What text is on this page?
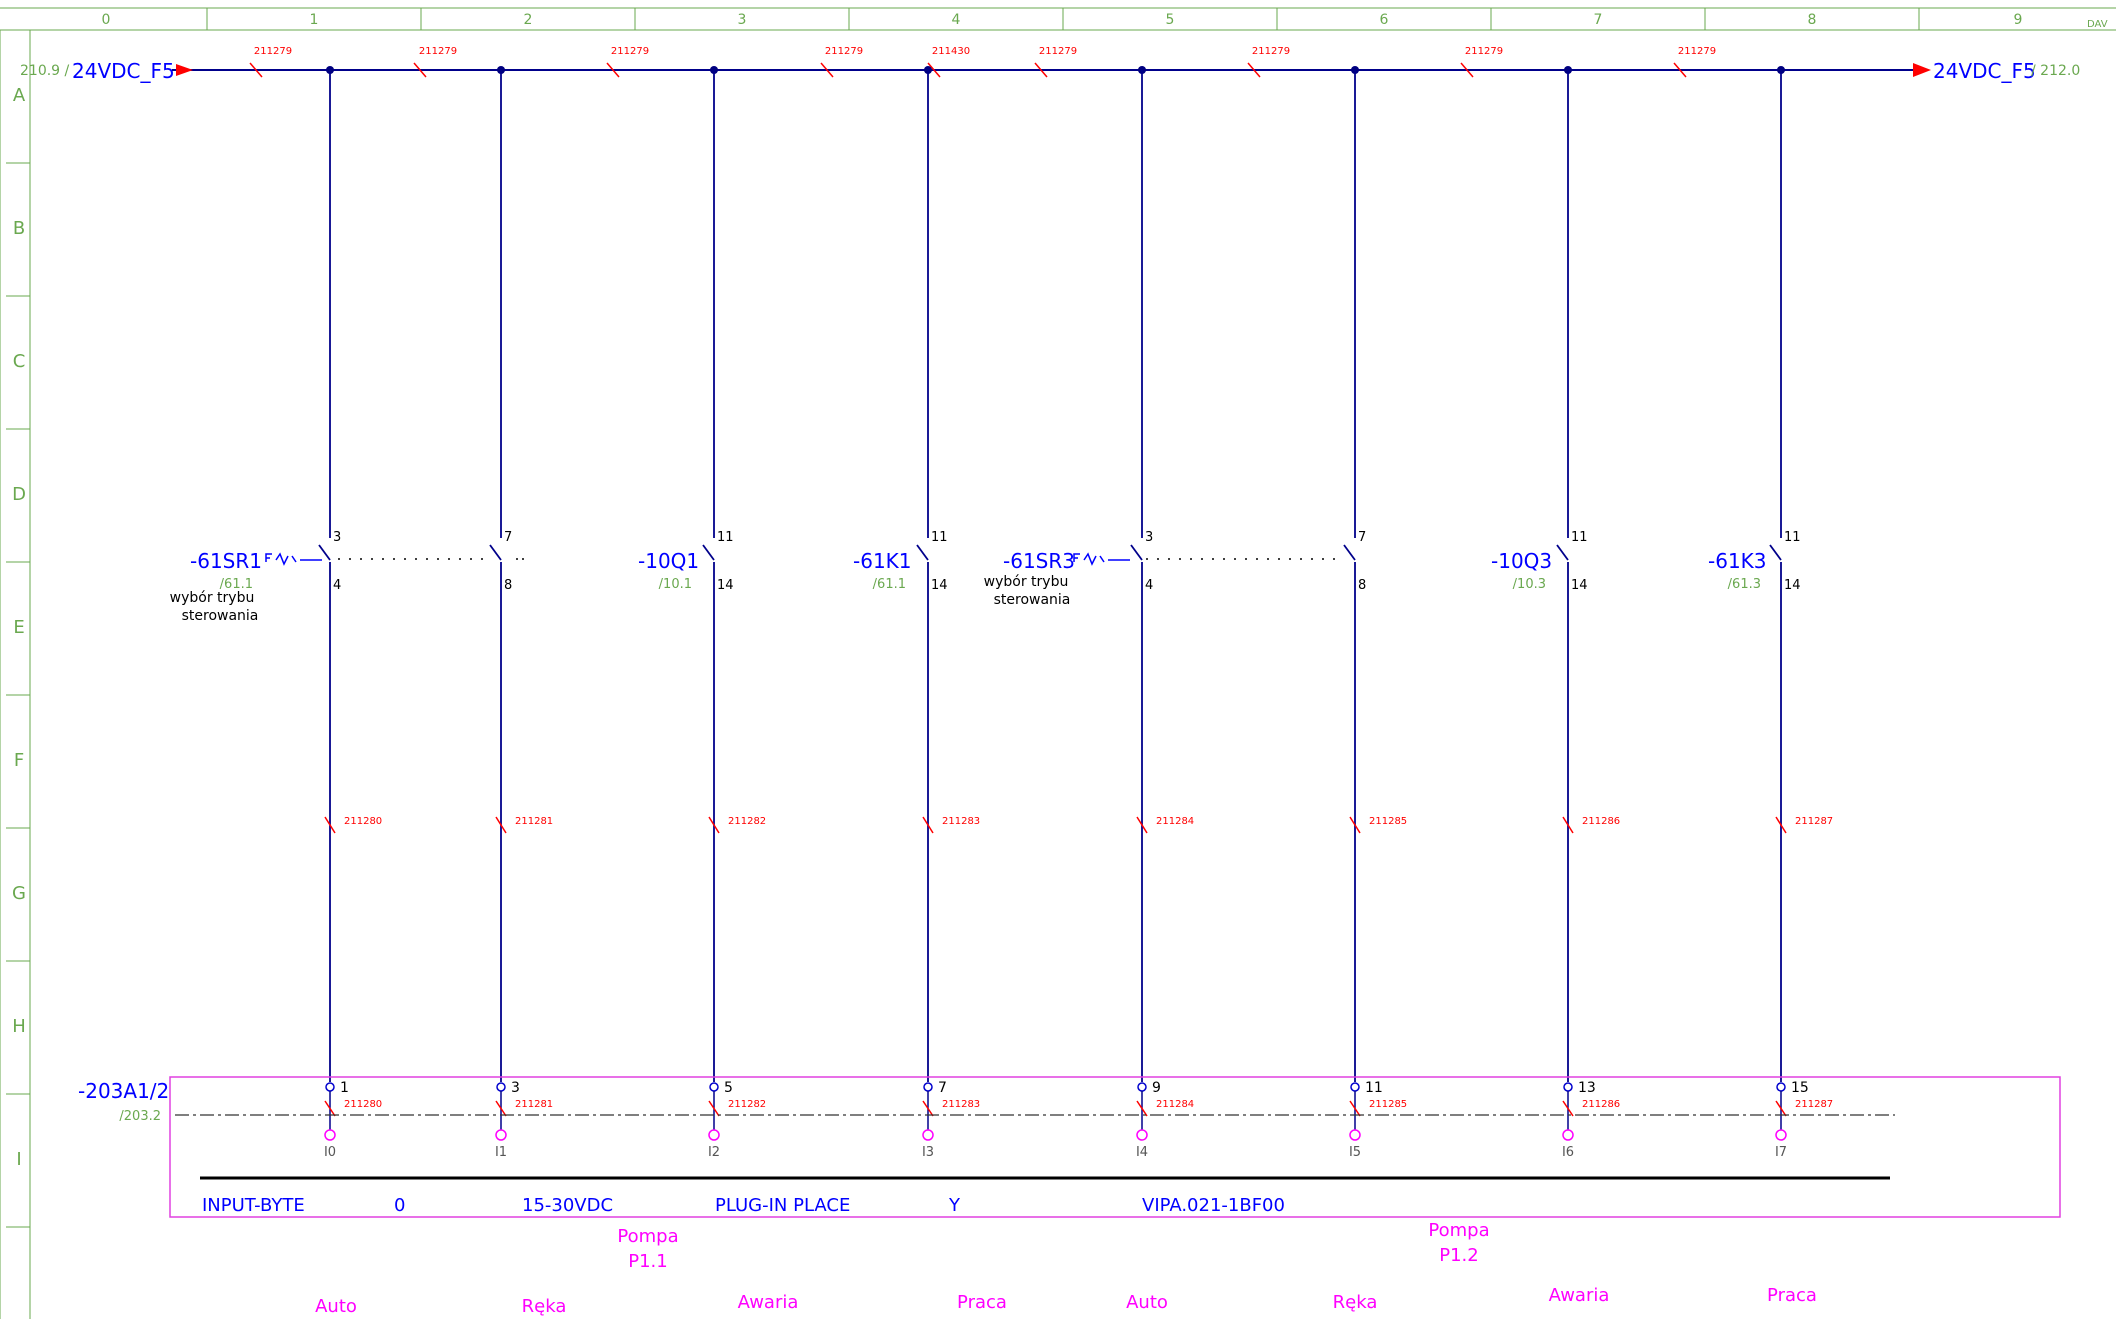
0	1	2	3	4	5	6	7	8	9	DAV
A
B
C
D
E
F
G
H
I
210.9 / 24VDC_F5	24VDC_F5
/ 212.0
211279	211279	211279	211279	211430	211279	211279	211279	211279
3
4
211280
1
211280
I0
7
8
211281
3
211281
I1
11
14
211282
5
211282
I2
11
14
211283
7
211283
I3
3
4
211284
9
211284
I4
7
8
211285
11
211285
I5
11
14
211286
13
211286
I6
11
14
211287
15
211287
I7
-61SR1
/61.1
wybór trybu
sterowania
-10Q1
/10.1
-61K1
/61.1
-61SR3
wybór trybu
sterowania
-10Q3
/10.3
-61K3
/61.3
-203A1/2
/203.2
INPUT-BYTE	0	15-30VDC	PLUG-IN PLACE	Y	VIPA.021-1BF00
Pompa
P1.1
Pompa
P1.2
Auto	Ręka	Awaria	Praca	Auto	Ręka	Awaria	Praca
